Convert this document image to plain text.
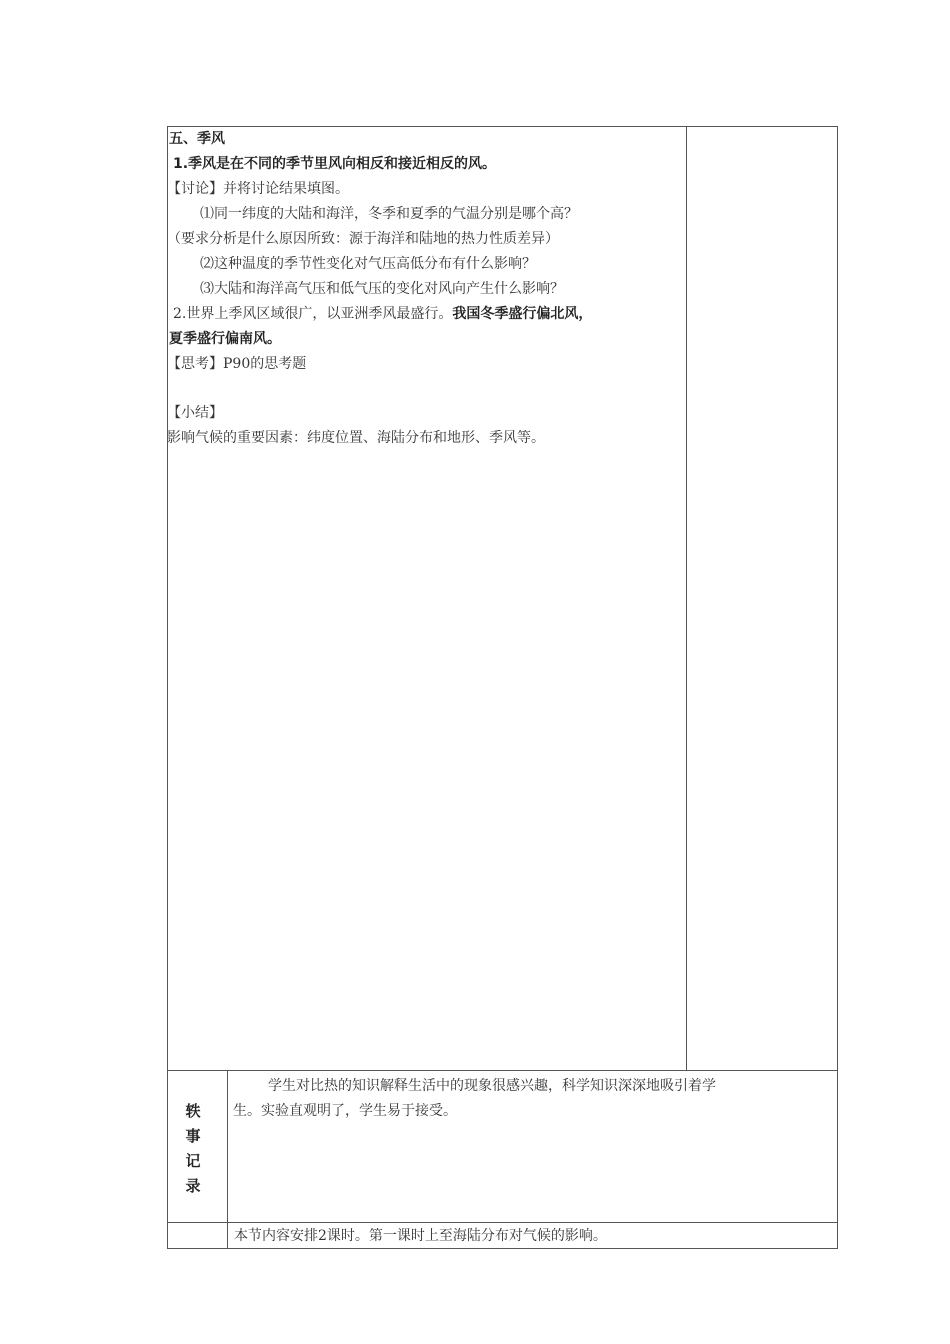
五、季风
1.季风是在不同的季节里风向相反和接近相反的风。
【讨论】并将讨论结果填图。
⑴同一纬度的大陆和海洋，冬季和夏季的气温分别是哪个高？
（要求分析是什么原因所致：源于海洋和陆地的热力性质差异）
⑵这种温度的季节性变化对气压高低分布有什么影响？
⑶大陆和海洋高气压和低气压的变化对风向产生什么影响？
2.世界上季风区域很广，以亚洲季风最盛行。我国冬季盛行偏北风，
夏季盛行偏南风。
【思考】P90的思考题
【小结】
影响气候的重要因素：纬度位置、海陆分布和地形、季风等。
轶
事
记
录
学生对比热的知识解释生活中的现象很感兴趣，科学知识深深地吸引着学
生。实验直观明了，学生易于接受。
本节内容安排2课时。第一课时上至海陆分布对气候的影响。
